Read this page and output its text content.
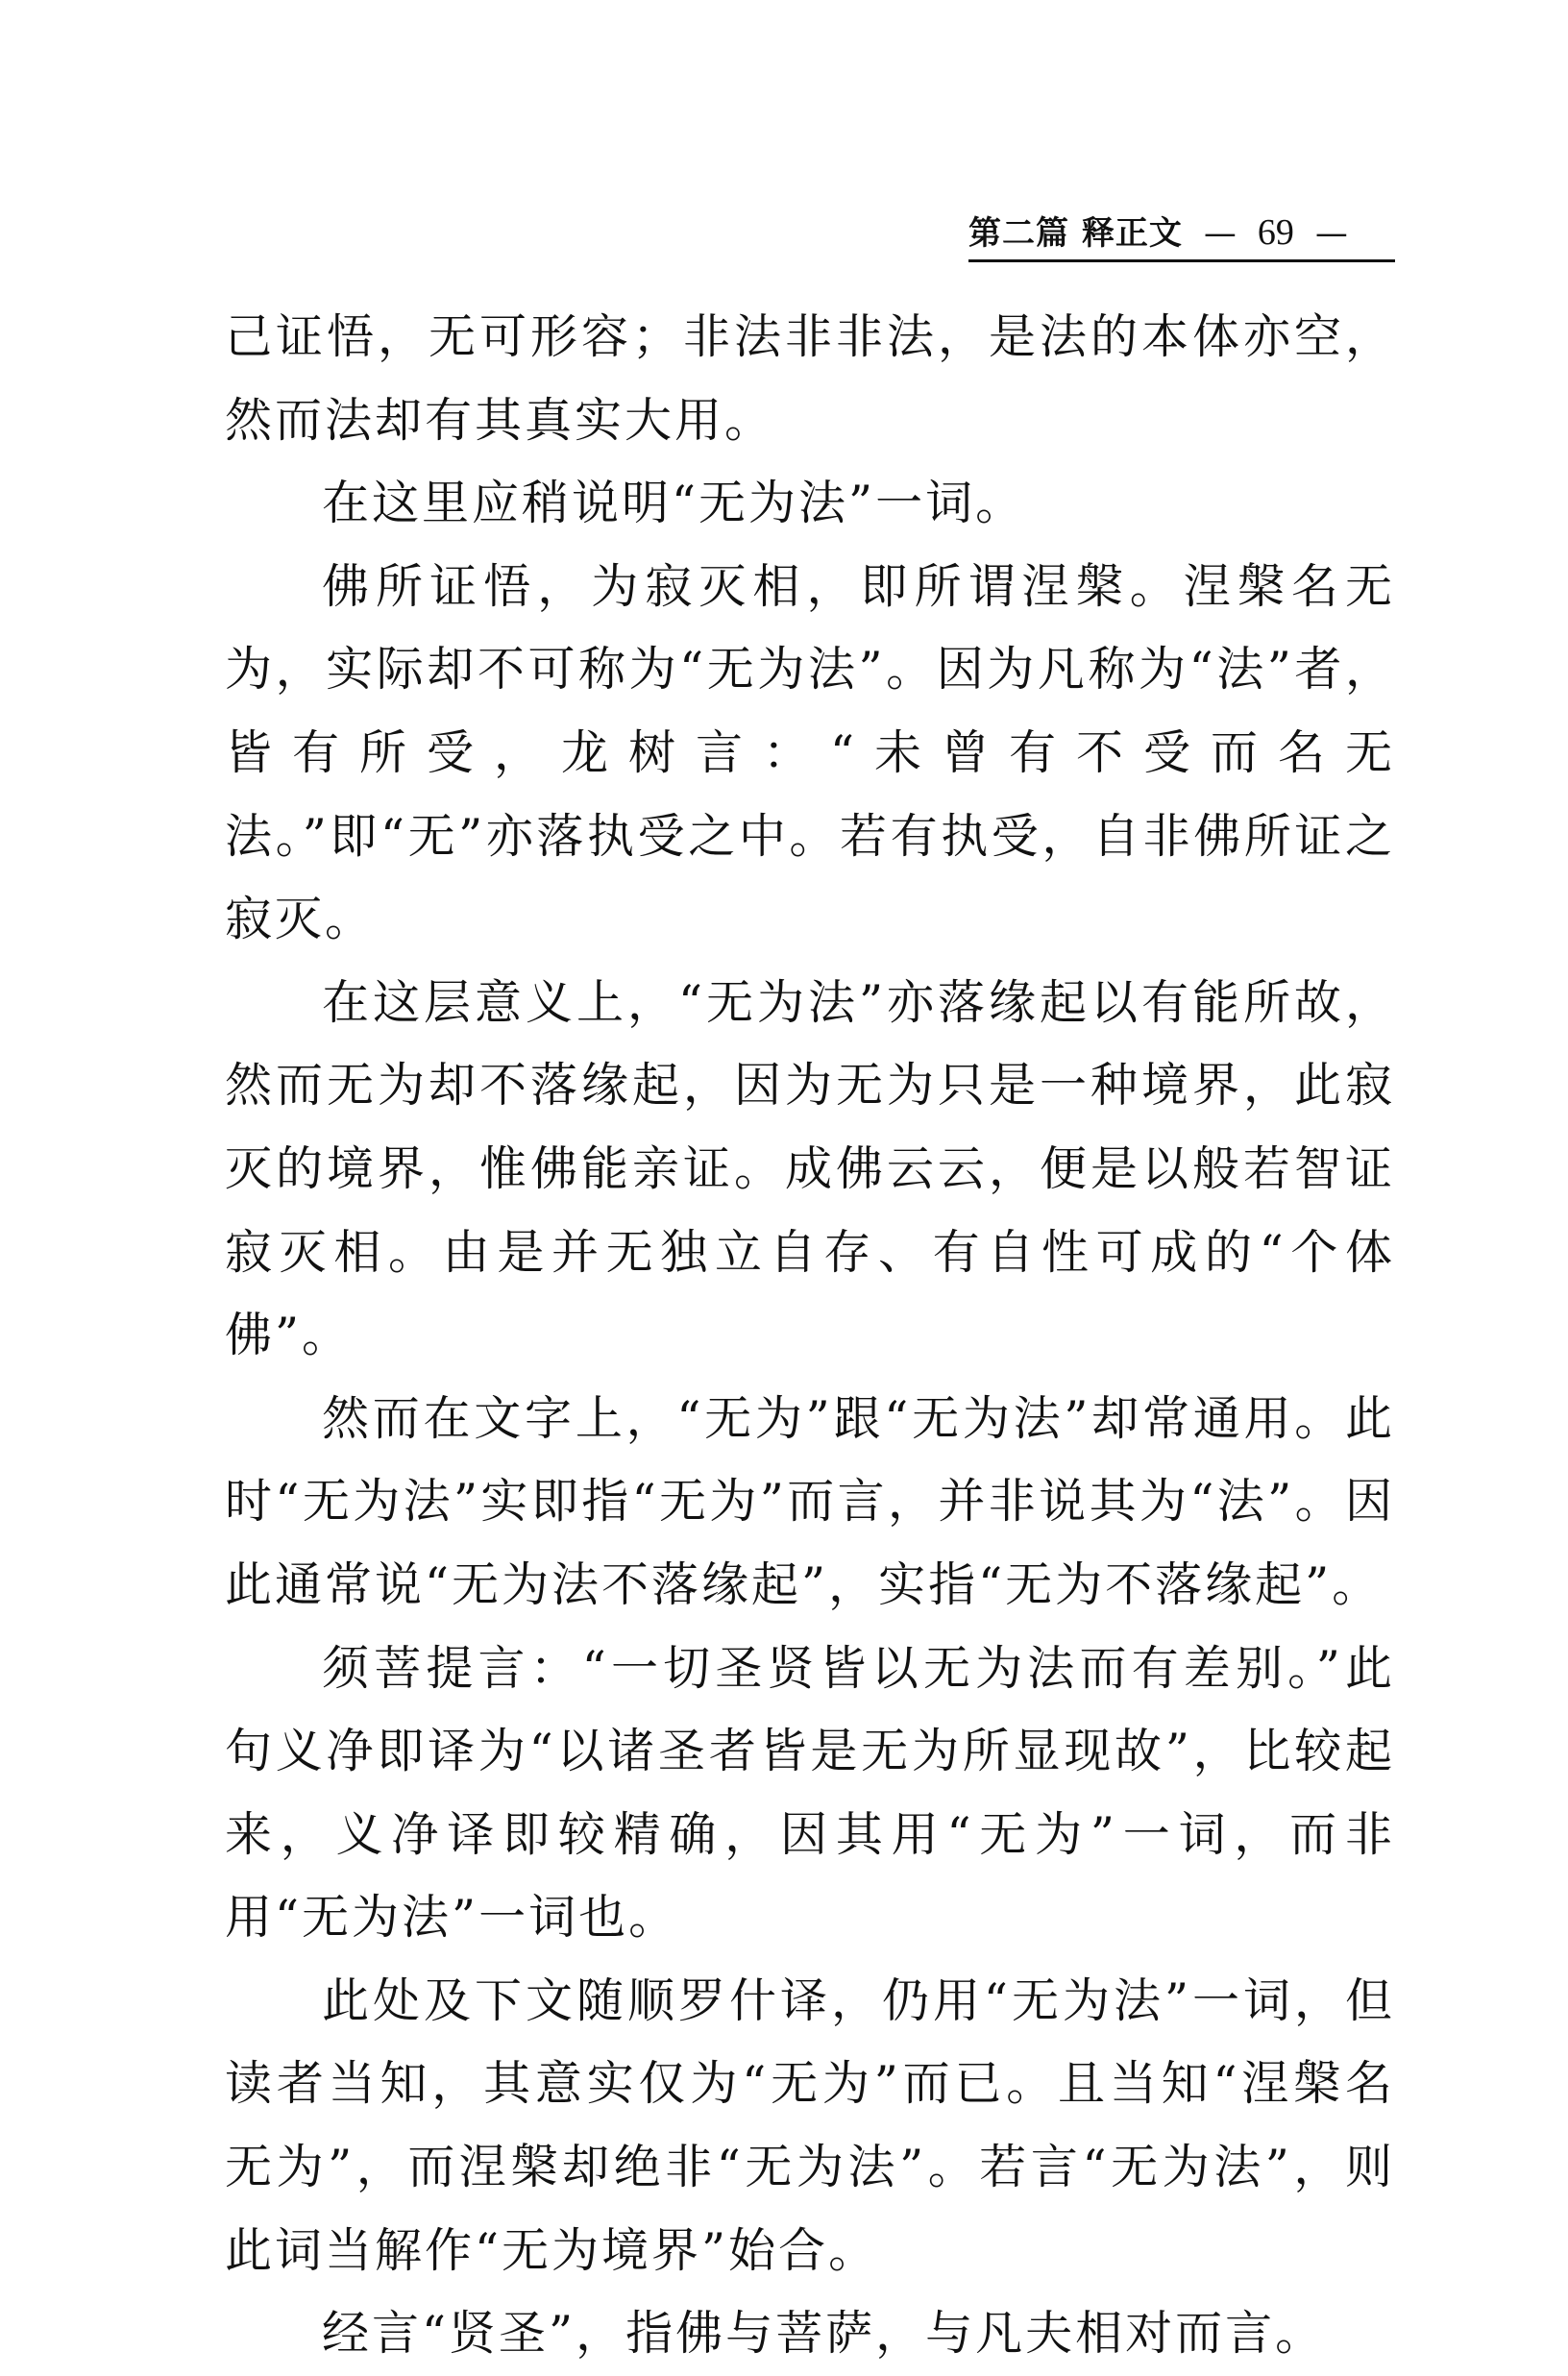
第二篇 释正文 — 69 —

己证悟，无可形容；非法非非法，是法的本体亦空，然而法却有其真实大用。

在这里应稍说明“无为法”一词。

佛所证悟，为寂灭相，即所谓涅槃。涅槃名无为，实际却不可称为“无为法”。因为凡称为“法”者，皆有所受，龙树言：“未曾有不受而名无法。”即“无”亦落执受之中。若有执受，自非佛所证之寂灭。

在这层意义上，“无为法”亦落缘起以有能所故，然而无为却不落缘起，因为无为只是一种境界，此寂灭的境界，惟佛能亲证。成佛云云，便是以般若智证寂灭相。由是并无独立自存、有自性可成的“个体佛”。

然而在文字上，“无为”跟“无为法”却常通用。此时“无为法”实即指“无为”而言，并非说其为“法”。因此通常说“无为法不落缘起”，实指“无为不落缘起”。

须菩提言：“一切圣贤皆以无为法而有差别。”此句义净即译为“以诸圣者皆是无为所显现故”，比较起来，义净译即较精确，因其用“无为”一词，而非用“无为法”一词也。

此处及下文随顺罗什译，仍用“无为法”一词，但读者当知，其意实仅为“无为”而已。且当知“涅槃名无为”，而涅槃却绝非“无为法”。若言“无为法”，则此词当解作“无为境界”始合。

经言“贤圣”，指佛与菩萨，与凡夫相对而言。
